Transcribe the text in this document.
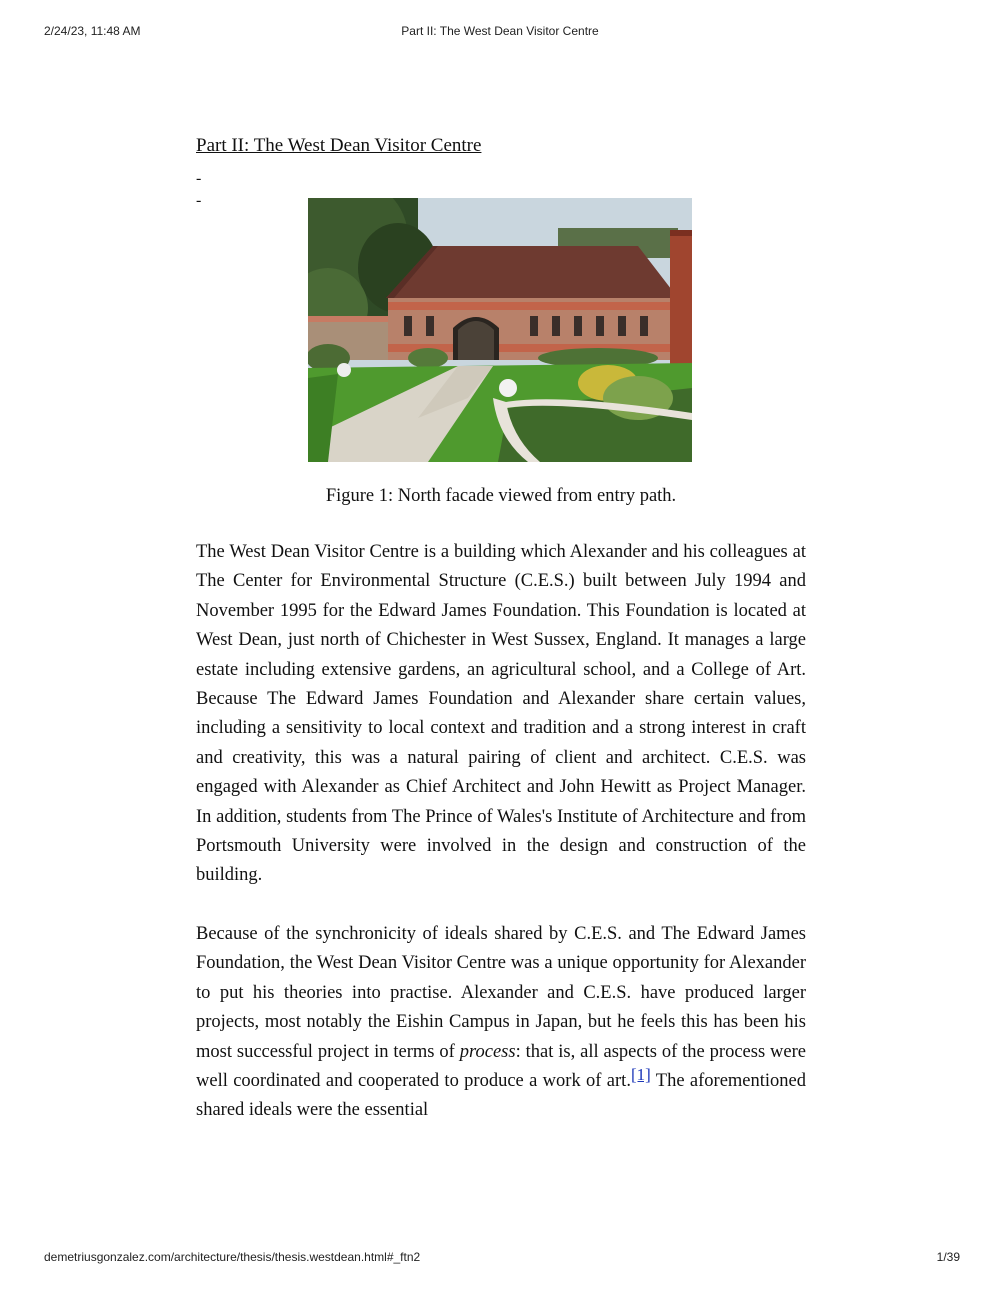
2/24/23, 11:48 AM	Part II: The West Dean Visitor Centre
Part II: The West Dean Visitor Centre
-
-
Figure 1: North facade viewed from entry path.

The West Dean Visitor Centre is a building which Alexander and his colleagues at The Center for Environmental Structure (C.E.S.) built between July 1994 and November 1995 for the Edward James Foundation. This Foundation is located at West Dean, just north of Chichester in West Sussex, England. It manages a large estate including extensive gardens, an agricultural school, and a College of Art. Because The Edward James Foundation and Alexander share certain values, including a sensitivity to local context and tradition and a strong interest in craft and creativity, this was a natural pairing of client and architect. C.E.S. was engaged with Alexander as Chief Architect and John Hewitt as Project Manager. In addition, students from The Prince of Wales's Institute of Architecture and from Portsmouth University were involved in the design and construction of the building.

Because of the synchronicity of ideals shared by C.E.S. and The Edward James Foundation, the West Dean Visitor Centre was a unique opportunity for Alexander to put his theories into practise. Alexander and C.E.S. have produced larger projects, most notably the Eishin Campus in Japan, but he feels this has been his most successful project in terms of process: that is, all aspects of the process were well coordinated and cooperated to produce a work of art.[1] The aforementioned shared ideals were the essential

demetriusgonzalez.com/architecture/thesis/thesis.westdean.html#_ftn2	1/39
